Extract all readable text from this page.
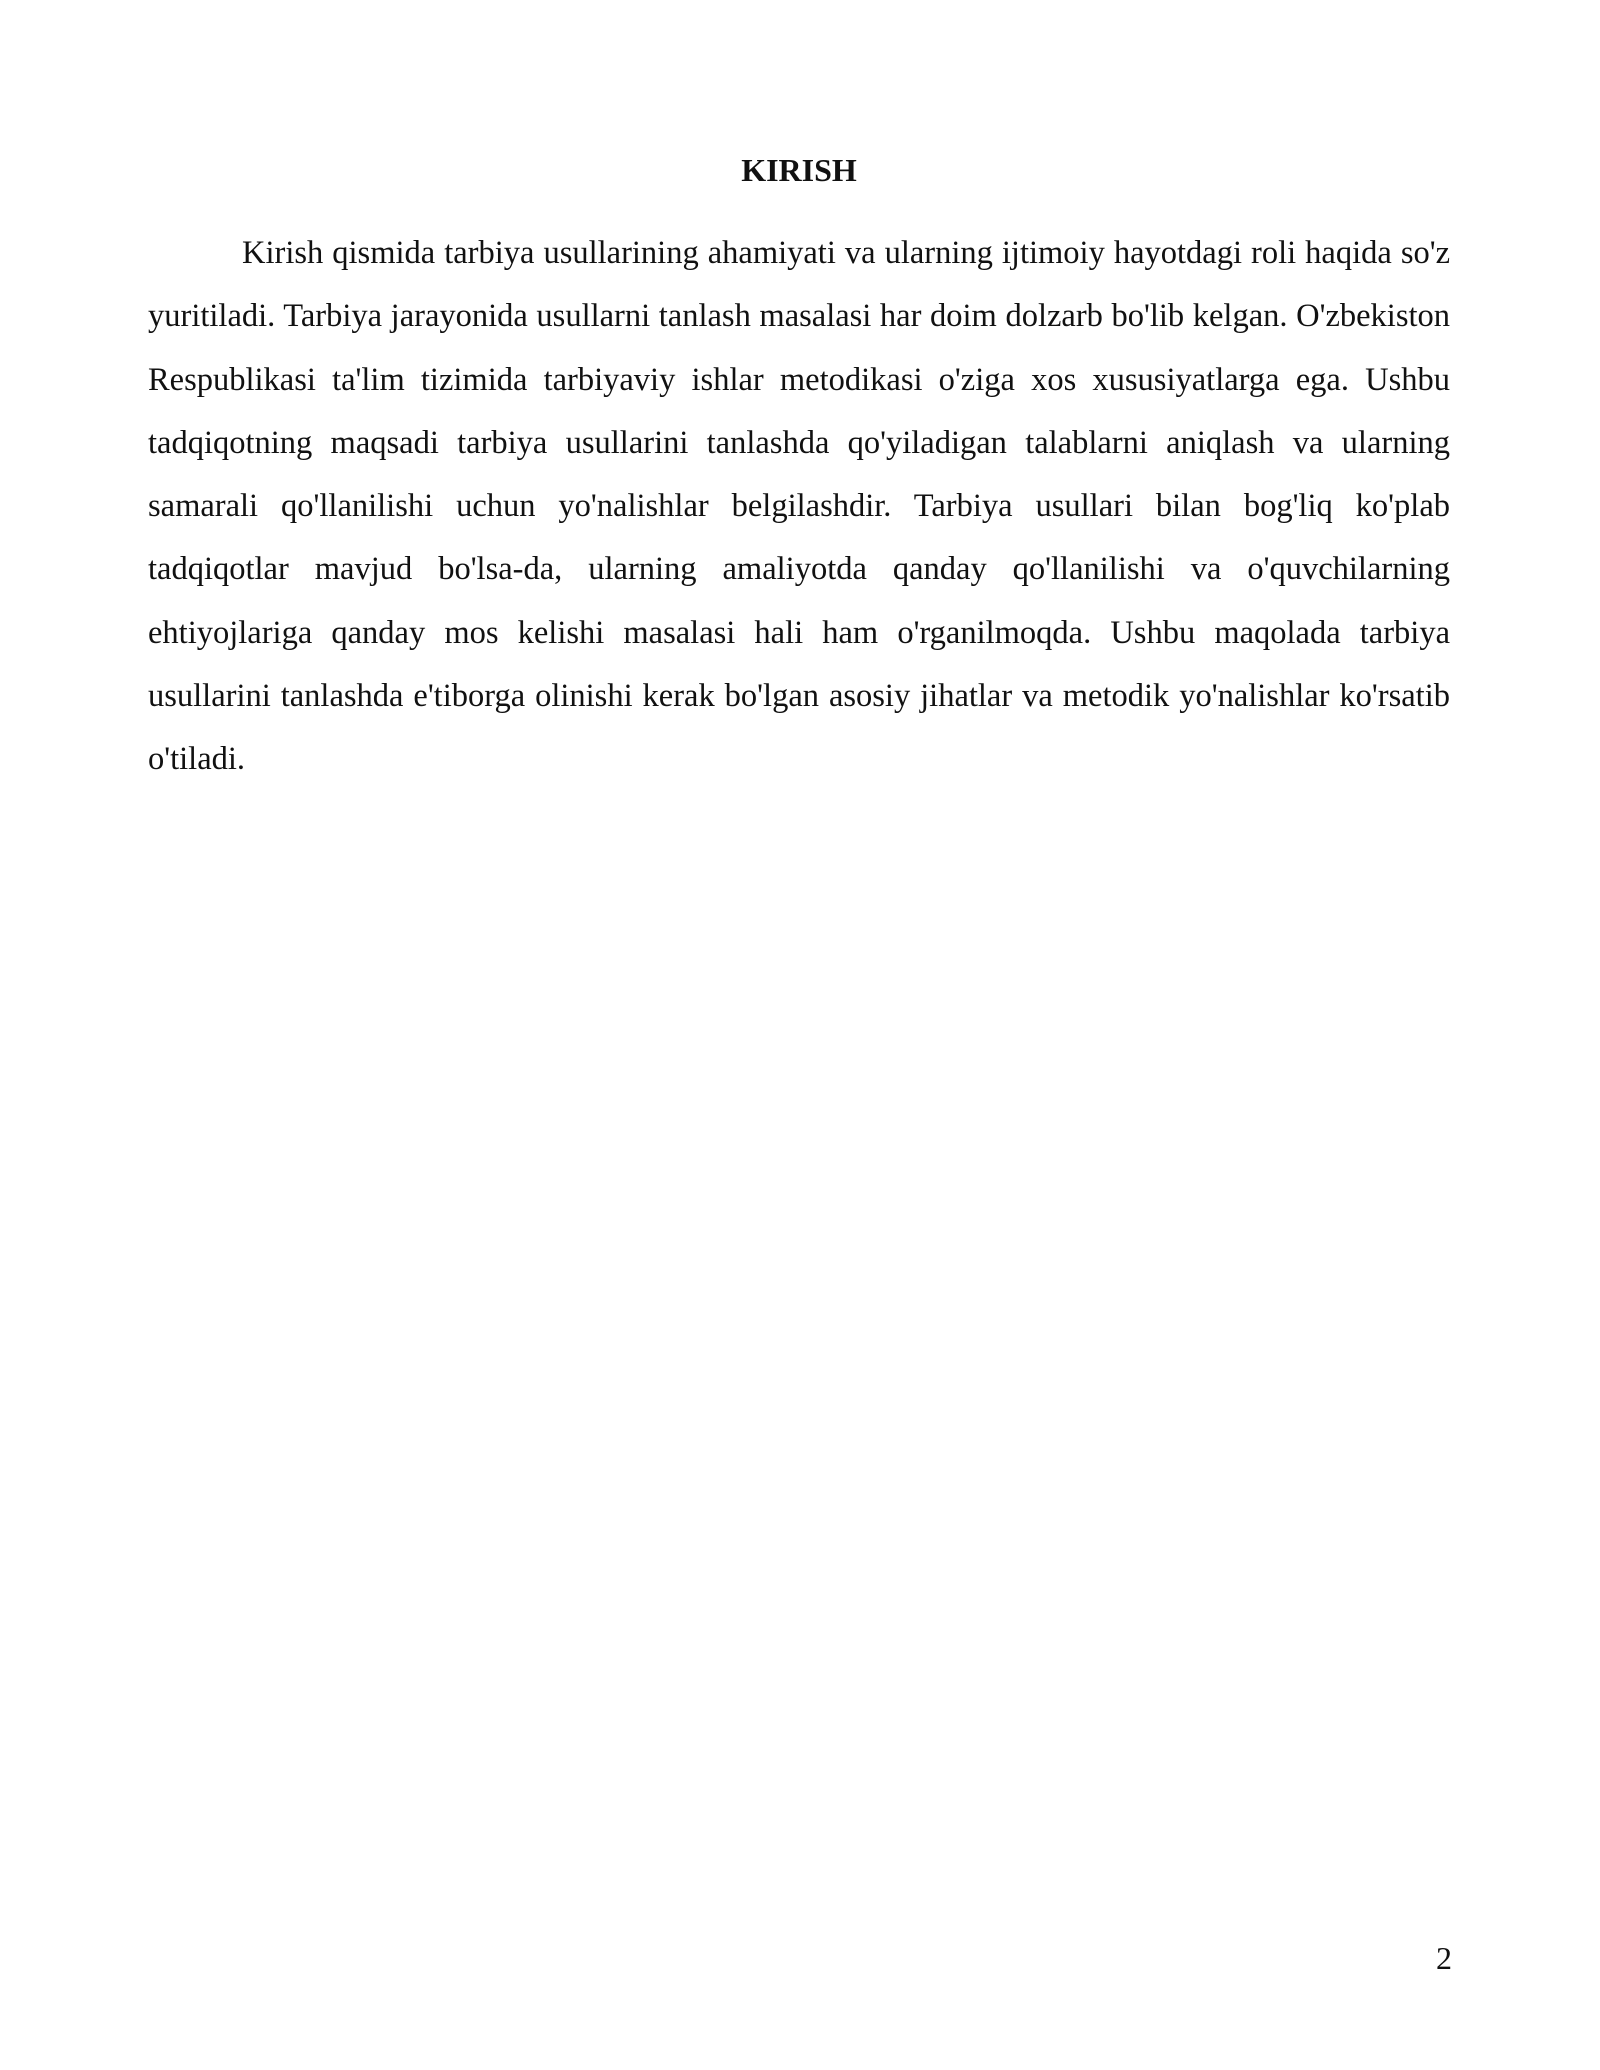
KIRISH

Kirish qismida tarbiya usullarining ahamiyati va ularning ijtimoiy hayotdagi roli haqida so'z yuritiladi. Tarbiya jarayonida usullarni tanlash masalasi har doim dolzarb bo'lib kelgan. O'zbekiston Respublikasi ta'lim tizimida tarbiyaviy ishlar metodikasi o'ziga xos xususiyatlarga ega. Ushbu tadqiqotning maqsadi tarbiya usullarini tanlashda qo'yiladigan talablarni aniqlash va ularning samarali qo'llanilishi uchun yo'nalishlar belgilashdir. Tarbiya usullari bilan bog'liq ko'plab tadqiqotlar mavjud bo'lsa-da, ularning amaliyotda qanday qo'llanilishi va o'quvchilarning ehtiyojlariga qanday mos kelishi masalasi hali ham o'rganilmoqda. Ushbu maqolada tarbiya usullarini tanlashda e'tiborga olinishi kerak bo'lgan asosiy jihatlar va metodik yo'nalishlar ko'rsatib o'tiladi.

2
